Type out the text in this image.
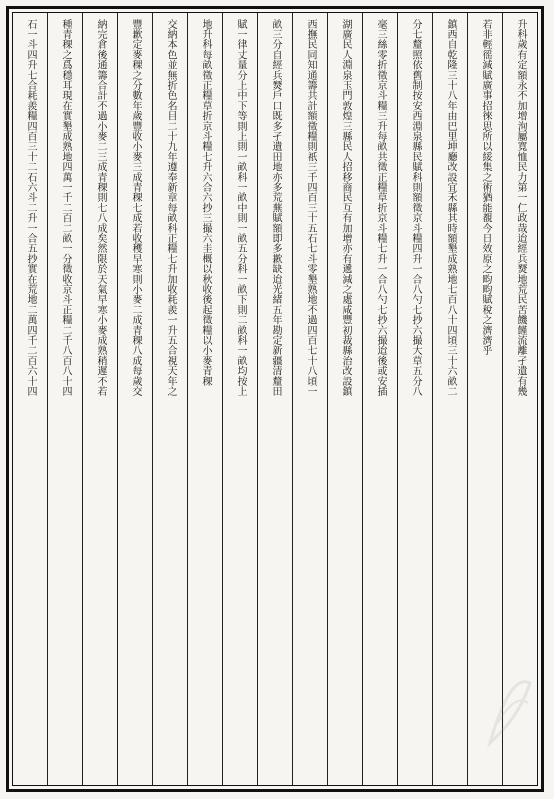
升科歲有定額永不加增洵屬寬恤民力第一仁政哉迨經兵燹地荒民苦饑饉流離孑遺有幾
若非輕徭減賦廣事招徠思所以綏集之術猶能覩今日效原之畇畇賦稅之濟濟乎
鎮西自乾隆三十八年由巴里坤廳改設宜禾縣其時額墾成熟地七百八十四頃三十六畝二
分七釐照依舊制按安西淵泉縣民賦科則額徵京斗糧四升一合八勺七抄六撮大草五分八
毫三絲零折徵京斗糧三升每畝共徵正糧草折京斗糧七升一合八勺七抄六撮迨後或安插
湖廣民人淵泉玉門敦煌三縣民人招移商民互有加增亦有遞減之處咸豐初裁縣治改設鎮
西撫民同知通籌共計額徵糧則祇三千四百三十五石七斗零墾熟地不過四百七十八頃一
畝三分自經兵燹戶口既多孑遺田地亦多荒蕪賦額即多歉缺迨光緒五年勘定新疆清釐田
賦一律丈量分上中下等則上則一畝科一畝中則一畝五分科一畝下則二畝科一畝均按上
地升科每畝徵正糧草折京斗糧七升六合六抄三撮六圭概以秋收後起徵糧以小麥青稞
交納本色並無折色名目二十九年遵奉新章每畝科正糧七升加收耗羨一升五合視天年之
豐歉定麥稞之分數年歲豐收小麥三成青稞七成若收穫早寒則小麥二成青稞八成每歲交
納完倉後通籌合計不過小麥二三成青稞則七八成矣然限於天氣早寒小麥成熟稍遲不若
種青稞之爲穩耳現在實墾成熟地四萬一千二百二畝一分徵收京斗正糧二千八百八十四
石一斗四升七合耗羨糧四百三十二石六斗二升一合五抄實在荒地二萬四千二百六十四
